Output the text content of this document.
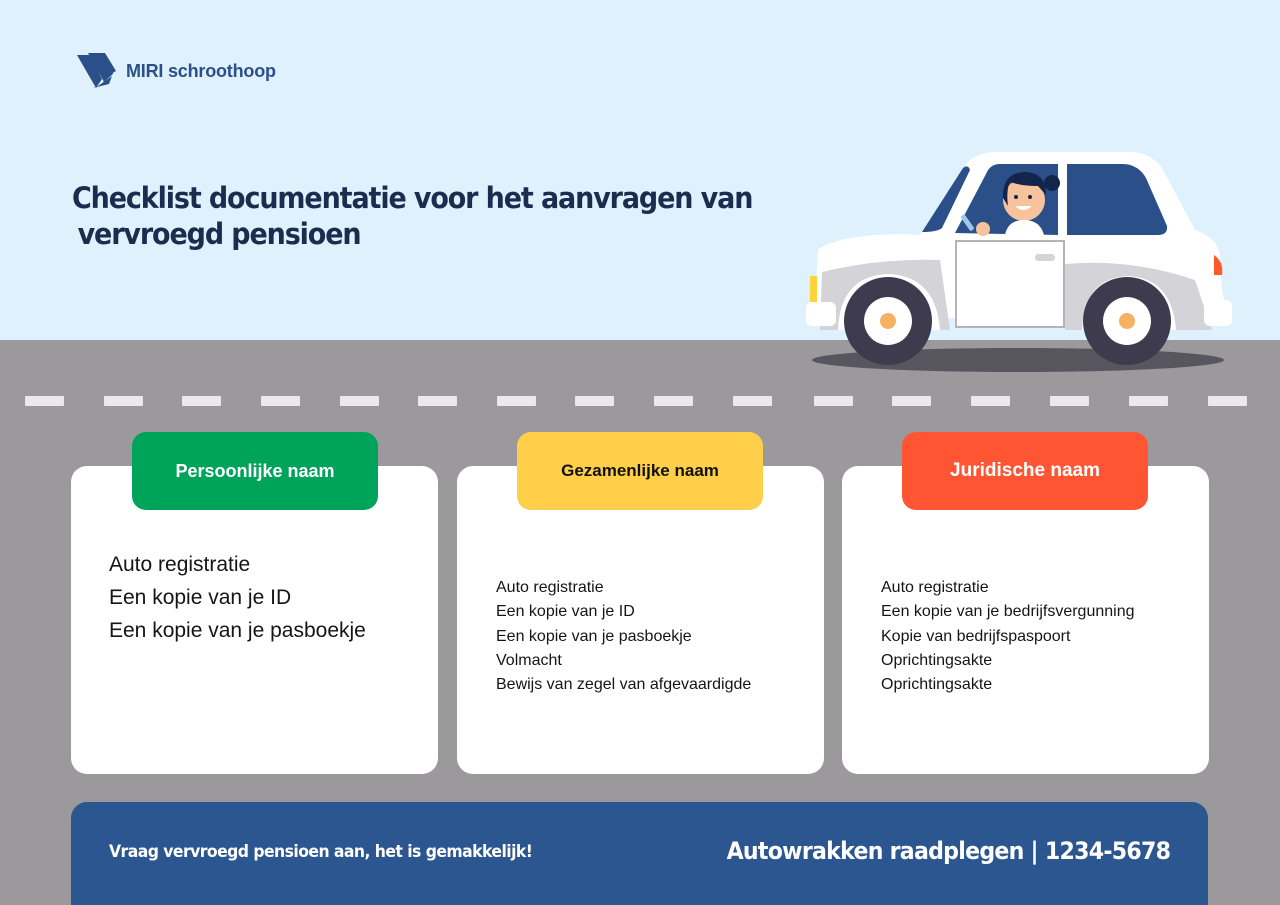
MIRI schroothoop
Checklist documentatie voor het aanvragen van
vervroegd pensioen
Persoonlijke naam
Auto registratie
Een kopie van je ID
Een kopie van je pasboekje
Gezamenlijke naam
Auto registratie
Een kopie van je ID
Een kopie van je pasboekje
Volmacht
Bewijs van zegel van afgevaardigde
Juridische naam
Auto registratie
Een kopie van je bedrijfsvergunning
Kopie van bedrijfspaspoort
Oprichtingsakte
Oprichtingsakte
Vraag vervroegd pensioen aan, het is gemakkelijk!	Autowrakken raadplegen | 1234-5678
